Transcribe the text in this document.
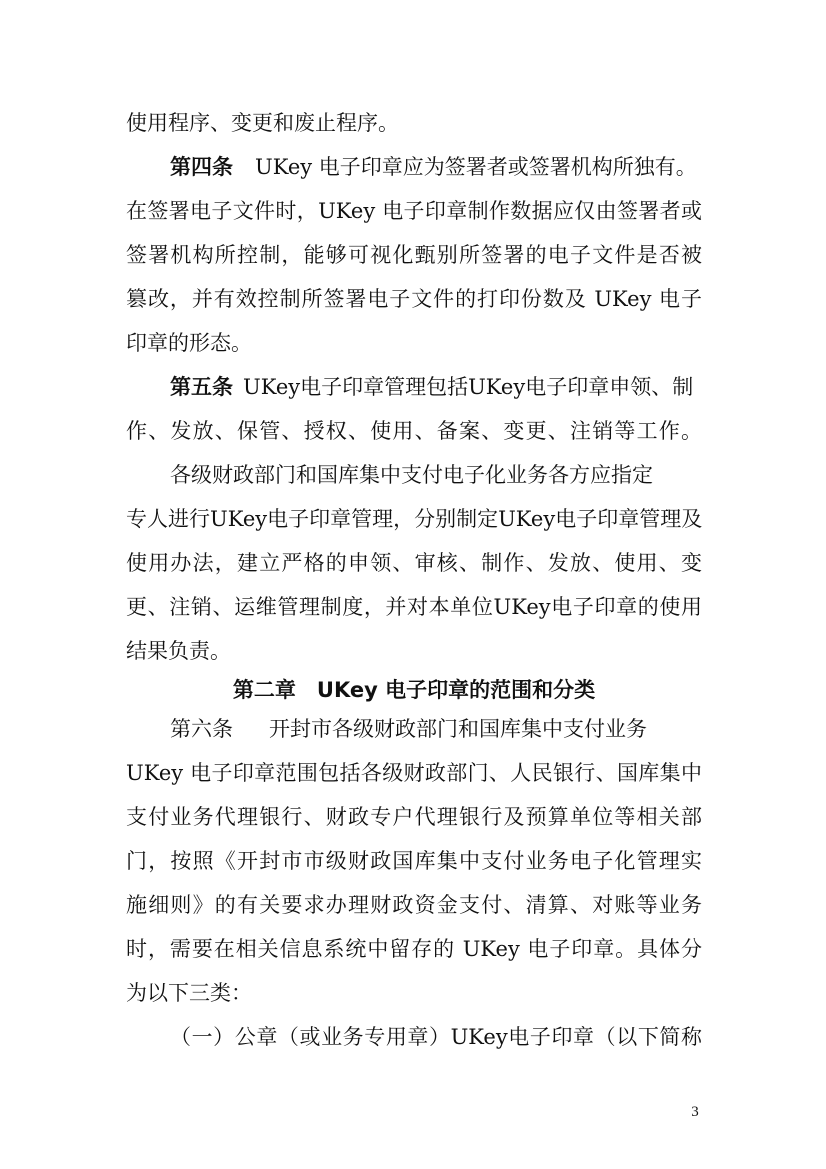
使用程序、变更和废止程序。
第四条 UKey 电子印章应为签署者或签署机构所独有。
在签署电子文件时，UKey 电子印章制作数据应仅由签署者或
签署机构所控制，能够可视化甄别所签署的电子文件是否被
篡改，并有效控制所签署电子文件的打印份数及 UKey 电子
印章的形态。
第五条 UKey电子印章管理包括UKey电子印章申领、制
作、发放、保管、授权、使用、备案、变更、注销等工作。
各级财政部门和国库集中支付电子化业务各方应指定
专人进行UKey电子印章管理，分别制定UKey电子印章管理及
使用办法，建立严格的申领、审核、制作、发放、使用、变
更、注销、运维管理制度，并对本单位UKey电子印章的使用
结果负责。
第二章　UKey 电子印章的范围和分类
第六条 开封市各级财政部门和国库集中支付业务
UKey 电子印章范围包括各级财政部门、人民银行、国库集中
支付业务代理银行、财政专户代理银行及预算单位等相关部
门，按照《开封市市级财政国库集中支付业务电子化管理实
施细则》的有关要求办理财政资金支付、清算、对账等业务
时，需要在相关信息系统中留存的 UKey 电子印章。具体分
为以下三类：
（一）公章（或业务专用章）UKey电子印章（以下简称
3
